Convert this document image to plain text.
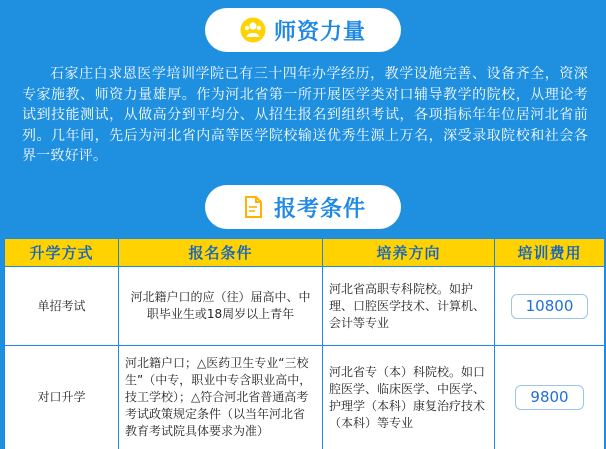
师资力量

石家庄白求恩医学培训学院已有三十四年办学经历，教学设施完善、设备齐全，资深专家施教、师资力量雄厚。作为河北省第一所开展医学类对口辅导教学的院校，从理论考试到技能测试，从做高分到平均分、从招生报名到组织考试，各项指标年年位居河北省前列。几年间，先后为河北省内高等医学院校输送优秀生源上万名，深受录取院校和社会各界一致好评。

报考条件
升学方式	报名条件	培养方向	培训费用
单招考试	河北籍户口的应（往）届高中、中职毕业生或18周岁以上青年	河北省高职专科院校。如护理、口腔医学技术、计算机、会计等专业	10800
对口升学	河北籍户口；△医药卫生专业“三校生”（中专，职业中专含职业高中，技工学校）；△符合河北省普通高考考试政策规定条件（以当年河北省教育考试院具体要求为准）	河北省专（本）科院校。如口腔医学、临床医学、中医学、护理学（本科）康复治疗技术（本科）等专业	9800
